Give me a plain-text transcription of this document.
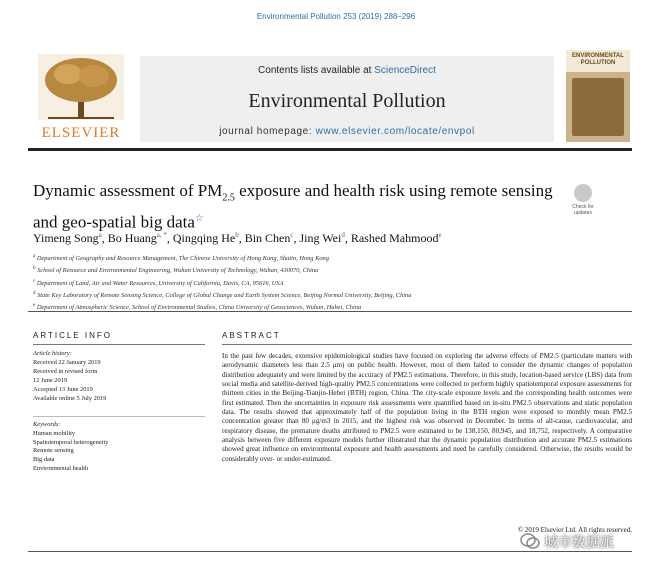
Environmental Pollution 253 (2019) 288–296
ELSEVIER
Contents lists available at ScienceDirect
Environmental Pollution
journal homepage: www.elsevier.com/locate/envpol
ENVIRONMENTAL
POLLUTION
Dynamic assessment of $PM_{2.5}$ exposure and health risk using remote sensing and geo-spatial big data☆
Check for
updates
Yimeng Song$^a$, Bo Huang$^{a, *}$, Qingqing He$^b$, Bin Chen$^c$, Jing Wei$^d$, Rashed Mahmood$^e$
$^a$ Department of Geography and Resource Management, The Chinese University of Hong Kong, Shatin, Hong Kong
$^b$ School of Resource and Environmental Engineering, Wuhan University of Technology, Wuhan, 430070, China
$^c$ Department of Land, Air and Water Resources, University of California, Davis, CA, 95616, USA
$^d$ State Key Laboratory of Remote Sensing Science, College of Global Change and Earth System Science, Beijing Normal University, Beijing, China
$^e$ Department of Atmospheric Science, School of Environmental Studies, China University of Geosciences, Wuhan, Hubei, China
ARTICLE INFO	ABSTRACT
Article history:
Received 22 January 2019
Received in revised form
12 June 2019
Accepted 13 June 2019
Available online 5 July 2019
Keywords:
Human mobility
Spatiotemporal heterogeneity
Remote sensing
Big data
Environmental health
In the past few decades, extensive epidemiological studies have focused on exploring the adverse effects of PM2.5 (particulate matters with aerodynamic diameters less than 2.5 μm) on public health. However, most of them failed to consider the dynamic changes of population distribution adequately and were limited by the accuracy of PM2.5 estimations. Therefore, in this study, location-based service (LBS) data from social media and satellite-derived high-quality PM2.5 concentrations were collected to perform highly spatiotemporal exposure assessments for thirteen cities in the Beijing-Tianjin-Hebei (BTH) region, China. The city-scale exposure levels and the corresponding health outcomes were first estimated. Then the uncertainties in exposure risk assessments were quantified based on in-situ PM2.5 observations and static population data. The results showed that approximately half of the population living in the BTH region were exposed to monthly mean PM2.5 concentration greater than 80 μg/m3 in 2015, and the highest risk was observed in December. In terms of all-cause, cardiovascular, and respiratory disease, the premature deaths attributed to PM2.5 were estimated to be 138,150, 80,945, and 18,752, respectively. A comparative analysis between five different exposure models further illustrated that the dynamic population distribution and accurate PM2.5 estimations showed great influence on environmental exposure and health assessments and need be carefully considered. Otherwise, the results would be considerably over- or under-estimated.
© 2019 Elsevier Ltd. All rights reserved.
城市数据派
